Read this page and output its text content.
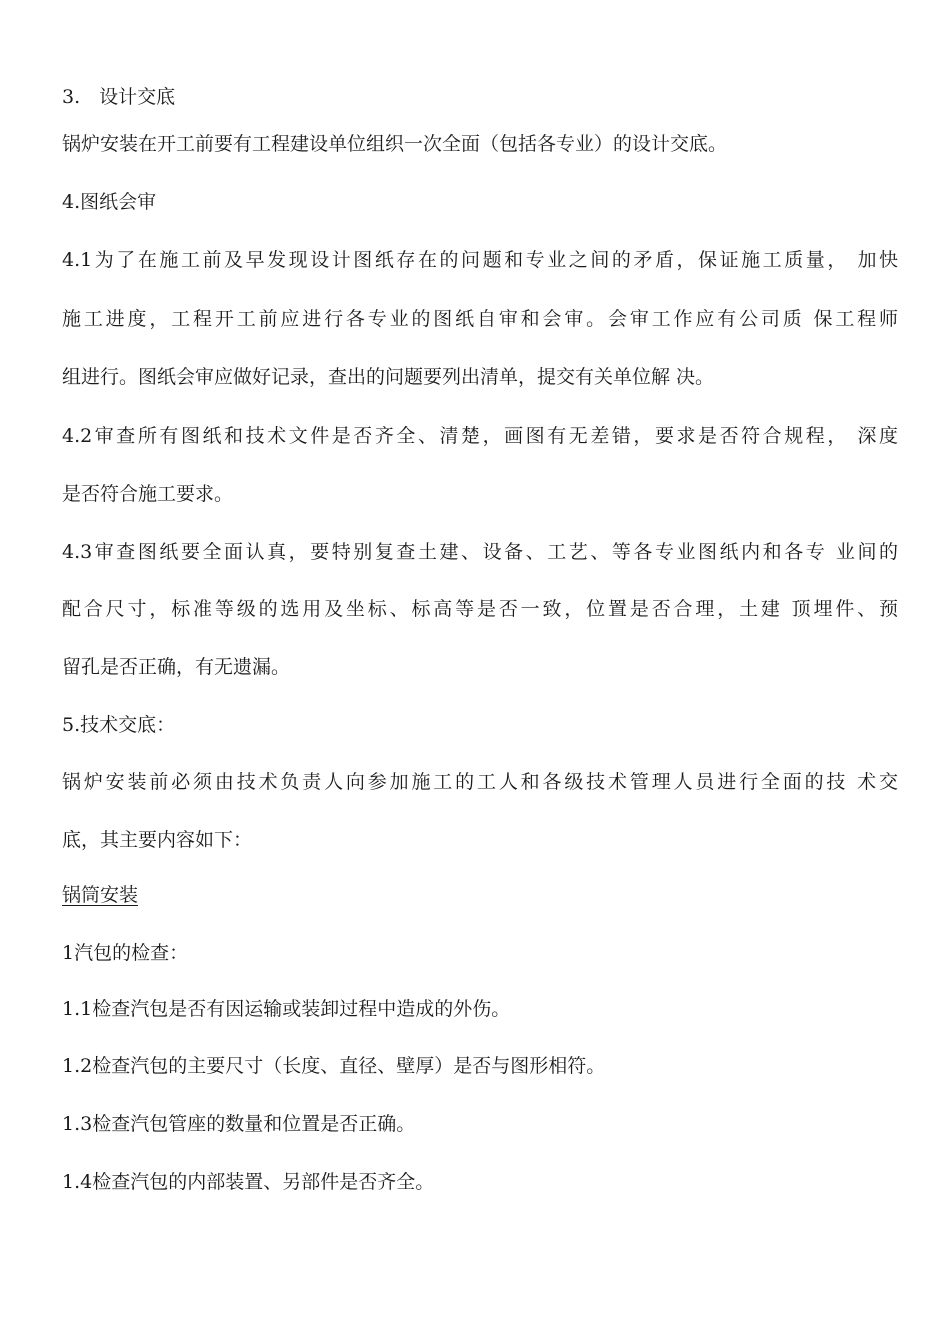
3.　设计交底
锅炉安装在开工前要有工程建设单位组织一次全面（包括各专业）的设计交底。
4.图纸会审
4.1为了在施工前及早发现设计图纸存在的问题和专业之间的矛盾，保证施工质量， 加快
施工进度，工程开工前应进行各专业的图纸自审和会审。会审工作应有公司质 保工程师
组进行。图纸会审应做好记录，查出的问题要列出清单，提交有关单位解 决。
4.2审查所有图纸和技术文件是否齐全、清楚，画图有无差错，要求是否符合规程， 深度
是否符合施工要求。
4.3审查图纸要全面认真，要特别复查土建、设备、工艺、等各专业图纸内和各专 业间的
配合尺寸，标准等级的选用及坐标、标高等是否一致，位置是否合理，土建 顶埋件、预
留孔是否正确，有无遗漏。
5.技术交底：
锅炉安装前必须由技术负责人向参加施工的工人和各级技术管理人员进行全面的技 术交
底，其主要内容如下：
锅筒安装
1汽包的检查：
1.1检查汽包是否有因运输或装卸过程中造成的外伤。
1.2检查汽包的主要尺寸（长度、直径、壁厚）是否与图形相符。
1.3检查汽包管座的数量和位置是否正确。
1.4检查汽包的内部装置、另部件是否齐全。
